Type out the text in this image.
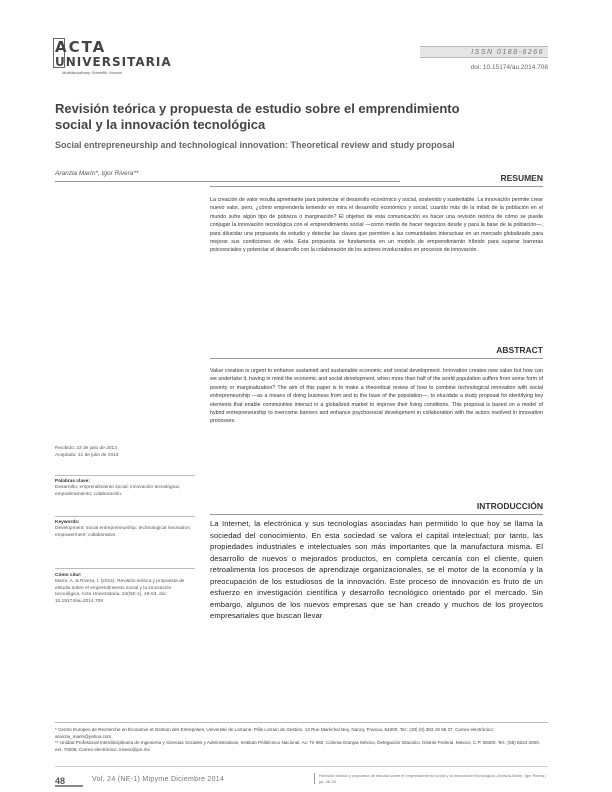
ACTA
UNIVERSITARIA
Multidisciplinary Scientific Journal
ISSN 0188-6266
doi: 10.15174/au.2014.708
Revisión teórica y propuesta de estudio sobre el emprendimiento social y la innovación tecnológica
Social entrepreneurship and technological innovation: Theoretical review and study proposal
Aranzia Marín*, Igor Rivera**	RESUMEN
La creación de valor resulta apremiante para potenciar el desarrollo económico y social, sostenido y sustentable. La innovación permite crear nuevo valor, pero, ¿cómo emprenderla teniendo en mira el desarrollo económico y social, cuando más de la mitad de la población en el mundo sufre algún tipo de pobreza o marginación? El objetivo de esta comunicación es hacer una revisión teórica de cómo se puede conjugar la innovación tecnológica con el emprendimiento social —como medio de hacer negocios desde y para la base de la población—, para dilucidar una propuesta de estudio y detectar las claves que permiten a las comunidades interactuar en un mercado globalizado para mejorar sus condiciones de vida. Esta propuesta se fundamenta en un modelo de emprendimiento híbrido para superar barreras psicosociales y potenciar el desarrollo con la colaboración de los actores involucrados en procesos de innovación.
ABSTRACT
Value creation is urgent to enhance sustained and sustainable economic and social development. Innovation creates new value but how can we undertake it, having in mind the economic and social development, when more than half of the world population suffers from some form of poverty or marginalization? The aim of this paper is to make a theoretical review of how to combine technological innovation with social entrepreneurship —as a means of doing business from and to the base of the population—, to elucidate a study proposal for identifying key elements that enable communities interact in a globalized market to improve their living conditions. This proposal is based on a model of hybrid entrepreneurship to overcome barriers and enhance psychosocial development in collaboration with the actors involved in innovation processes.
Recibido: 23 de julio de 2013
Aceptado: 31 de julio de 2013
Palabras clave:
Desarrollo; emprendimiento social; innovación tecnológica; empoderamiento; colaboración.
Keywords:
Development; social entrepreneurship; technological innovation; empowerment; collaboration.
Cómo citar:
Marín, A. & Rivera, I. (2014). Revisión teórica y propuesta de estudio sobre el emprendimiento social y la innovación tecnológica. Acta Universitaria, 24(NE-1), 48-53. doi: 10.15174/au.2014.708
INTRODUCCIÓN
La Internet, la electrónica y sus tecnologías asociadas han permitido lo que hoy se llama la sociedad del conocimiento. En esta sociedad se valora el capital intelectual; por tanto, las propiedades industriales e intelectuales son más importantes que la manufactura misma. El desarrollo de nuevos o mejorados productos, en completa cercanía con el cliente, quien retroalimenta los procesos de aprendizaje organizacionales, se el motor de la economía y la preocupación de los estudiosos de la innovación. Este proceso de innovación es fruto de un esfuerzo en investigación científica y desarrollo tecnológico orientado por el mercado. Sin embargo, algunos de los nuevos empresas que se han creado y muchos de los proyectos empresariales que buscan llevar
* Centro Europeo de Recherche en Économie et Gestion des Entreprises, Université de Lorraine. Pôle Lorrain de Gestion, 13 Rue Maréchal Ney, Nancy, Francia, 54000. Tel.: (33) (0) 383 19 68 37. Correo electrónico: aranzia_marin@yahoo.com
** Unidad Profesional Interdisciplinaria de Ingeniería y Ciencias Sociales y Administrativas, Instituto Politécnico Nacional. Av. Té 950, Colonia Granjas México, Delegación Iztacalco, Distrito Federal, México, C.P. 08400. Tel.: (55) 5624 2000, ext. 70206. Correo electrónico: irivera@ipn.mx
48	Vol. 24 (NE-1) Mipyme Diciembre 2014
Revisión teórica y propuesta de estudio sobre el emprendimiento social y la innovación tecnológica | Aranzia Marín, Igor Rivera | pp. 48-53
